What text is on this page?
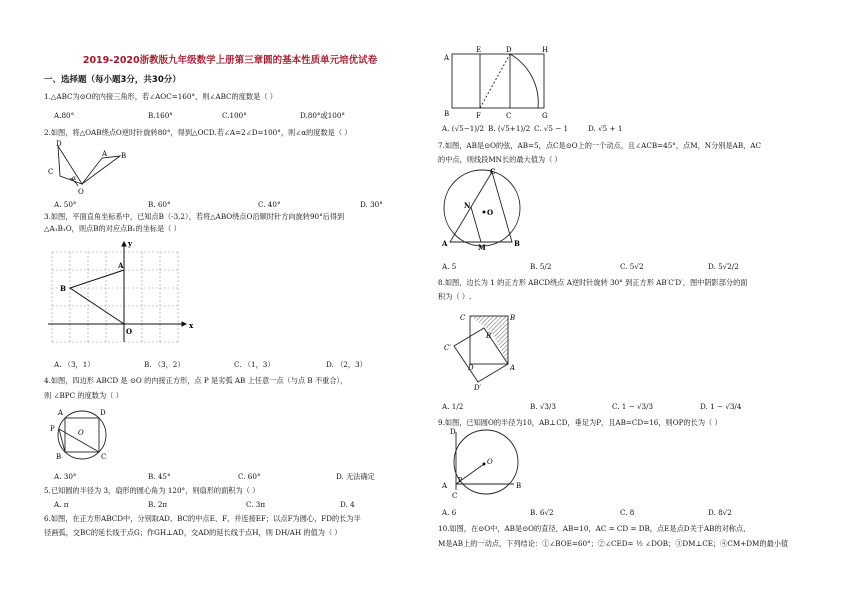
2019-2020浙教版九年级数学上册第三章圆的基本性质单元培优试卷
一、选择题（每小题3分，共30分）
1.△ABC为⊙O的内接三角形，若∠AOC=160°，则∠ABC的度数是（ ）
A.80°	B.160°	C.100°	D.80°或100°
2.如图，将△OAB绕点O逆时针旋转80°，得到△OCD.若∠A=2∠D=100°，则∠α的度数是（ ）
D
A B
C
α
O
A. 50°	B. 60°	C. 40°	D. 30°
3.如图，平面直角坐标系中，已知点B（-3,2），若将△ABO绕点O沿顺时针方向旋转90°后得到
△A₁B₁O，则点B的对应点B₁的坐标是（ ）
y
A
B
O
x
A. （3，1）	B. （3，2）	C. （1，3）	D. （2，3）
4.如图，四边形 ABCD 是 ⊙O 的内接正方形，点 P 是劣弧 AB 上任意一点（与点 B 不重合），
则 ∠BPC 的度数为（ ）
A	D
P	O
B	C
A. 30°	B. 45°	C. 60°	D. 无法确定
5.已知圆的半径为 3，扇形的圆心角为 120°，则扇形的面积为（ ）
A. π	B. 2π	C. 3π	D. 4
6.如图，在正方形ABCD中，分别取AD、BC的中点E、F，并连接EF；以点F为圆心，FD的长为半
径画弧，交BC的延长线于点G；作GH⊥AD，交AD的延长线于点H，则 DH/AH 的值为（ ）
A
E	D	H
B	F	C	G
A. (√5−1)/2 B. (√5+1)/2 C. √5 − 1	D. √5 + 1
7.如图，AB是⊙O的弦，AB=5，点C是⊙O上的一个动点，且∠ACB=45°，点M，N分别是AB，AC
的中点，则线段MN长的最大值为（ ）
C
N
O
A	M	B
A. 5	B. 5/2	C. 5√2	D. 5√2/2
8.如图，边长为 1 的正方形 ABCD绕点 A逆时针旋转 30° 到正方形 AB′C′D′，图中阴影部分的面
积为（ ）.
C	B
B′
C′
D	A
D′
A. 1/2	B. √3/3	C. 1 − √3/3	D. 1 − √3/4
9.如图，已知圆O的半径为10，AB⊥CD，垂足为P，且AB=CD=16，则OP的长为（ ）
D
O
A
P
C
B
A. 6	B. 6√2	C. 8	D. 8√2
10.如图，在⊙O中，AB是⊙O的直径，AB=10，AC = CD = DB，点E是点D关于AB的对称点，
M是AB上的一动点，下列结论：①∠BOE=60°；②∠CED= ½ ∠DOB；③DM⊥CE；④CM+DM的最小值
